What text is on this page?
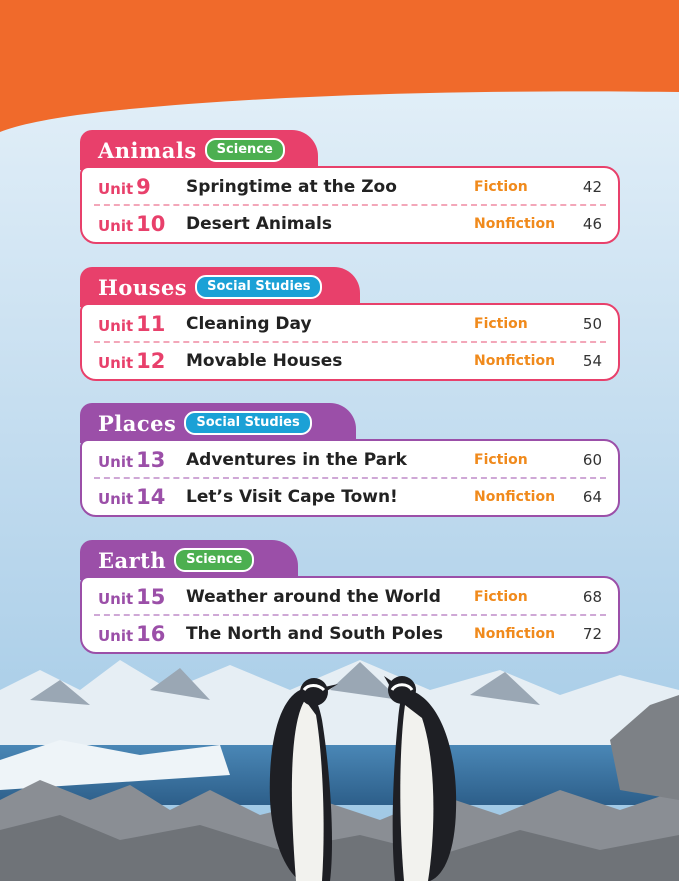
Animals	Science
Unit 9 Springtime at the Zoo	Fiction	42
Unit 10 Desert Animals	Nonfiction 46
Houses	Social Studies
Unit 11 Cleaning Day	Fiction	50
Unit 12 Movable Houses	Nonfiction 54
Places	Social Studies
Unit 13 Adventures in the Park	Fiction	60
Unit 14 Let’s Visit Cape Town!	Nonfiction 64
Earth	Science
Unit 15 Weather around the World Fiction	68
Unit 16 The North and South Poles Nonfiction 72
